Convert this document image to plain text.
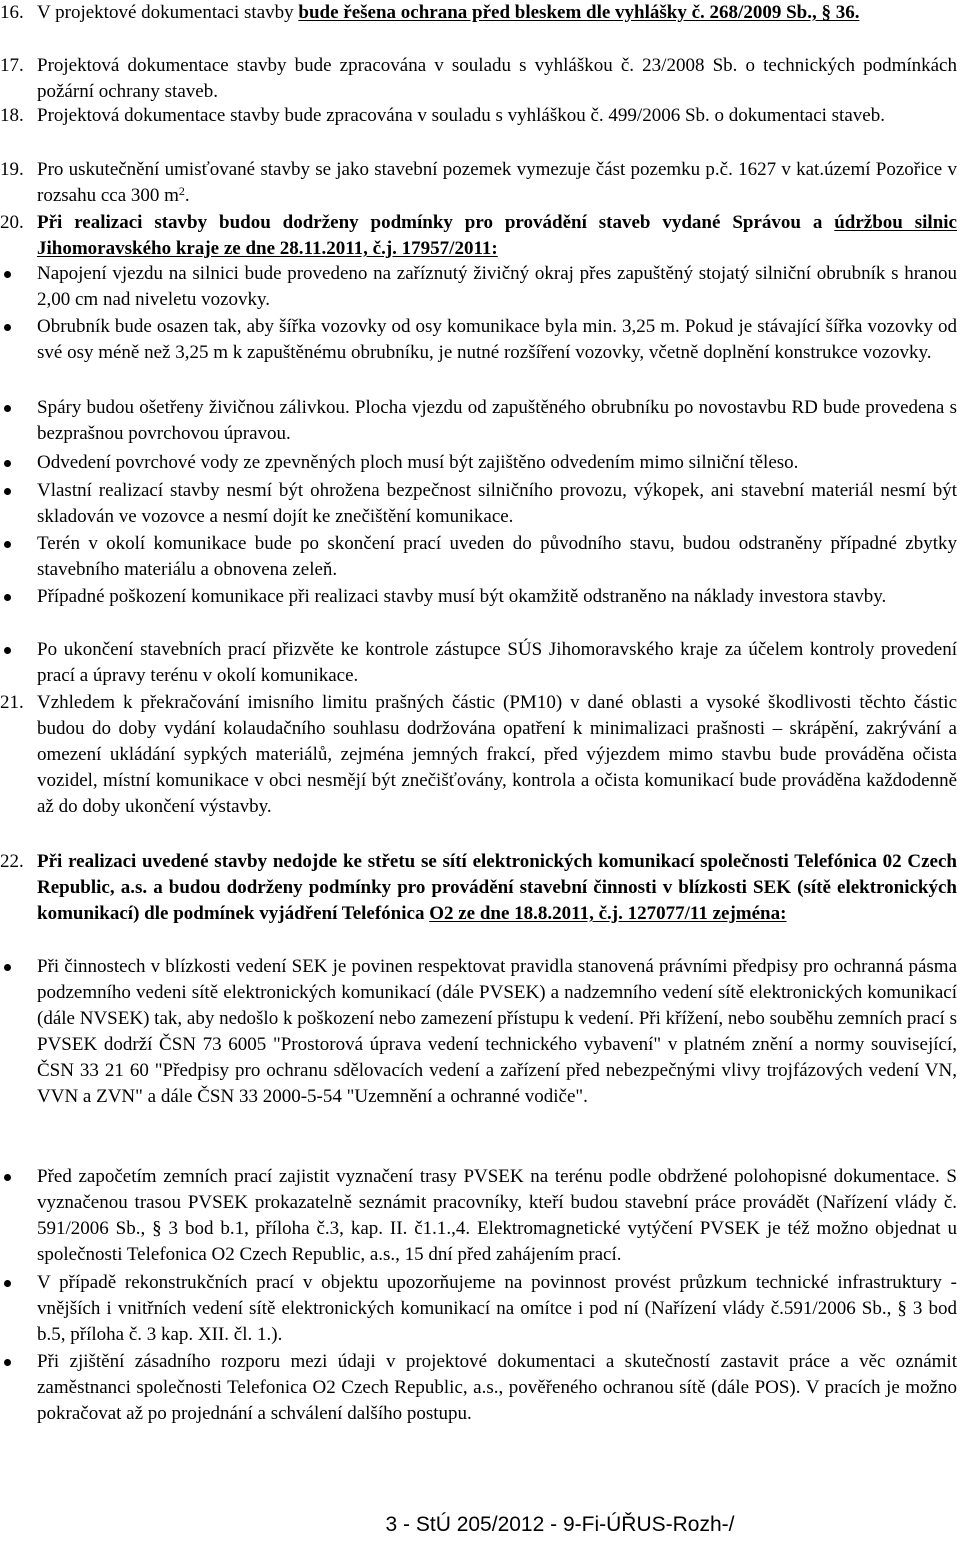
16. V projektové dokumentaci stavby bude řešena ochrana před bleskem dle vyhlášky č. 268/2009 Sb., § 36.
17. Projektová dokumentace stavby bude zpracována v souladu s vyhláškou č. 23/2008 Sb. o technických podmínkách požární ochrany staveb.
18. Projektová dokumentace stavby bude zpracována v souladu s vyhláškou č. 499/2006 Sb. o dokumentaci staveb.
19. Pro uskutečnění umisťované stavby se jako stavební pozemek vymezuje část pozemku p.č. 1627 v kat.území Pozořice v rozsahu cca 300 $m^2$.
20. Při realizaci stavby budou dodrženy podmínky pro provádění staveb vydané Správou a údržbou silnic Jihomoravského kraje ze dne 28.11.2011, č.j. 17957/2011:
Napojení vjezdu na silnici bude provedeno na zaříznutý živičný okraj přes zapuštěný stojatý silniční obrubník s hranou 2,00 cm nad niveletu vozovky.
Obrubník bude osazen tak, aby šířka vozovky od osy komunikace byla min. 3,25 m. Pokud je stávající šířka vozovky od své osy méně než 3,25 m k zapuštěnému obrubníku, je nutné rozšíření vozovky, včetně doplnění konstrukce vozovky.
Spáry budou ošetřeny živičnou zálivkou. Plocha vjezdu od zapuštěného obrubníku po novostavbu RD bude provedena s bezprašnou povrchovou úpravou.
Odvedení povrchové vody ze zpevněných ploch musí být zajištěno odvedením mimo silniční těleso.
Vlastní realizací stavby nesmí být ohrožena bezpečnost silničního provozu, výkopek, ani stavební materiál nesmí být skladován ve vozovce a nesmí dojít ke znečištění komunikace.
Terén v okolí komunikace bude po skončení prací uveden do původního stavu, budou odstraněny případné zbytky stavebního materiálu a obnovena zeleň.
Případné poškození komunikace při realizaci stavby musí být okamžitě odstraněno na náklady investora stavby.
Po ukončení stavebních prací přizvěte ke kontrole zástupce SÚS Jihomoravského kraje za účelem kontroly provedení prací a úpravy terénu v okolí komunikace.
21. Vzhledem k překračování imisního limitu prašných částic (PM10) v dané oblasti a vysoké škodlivosti těchto částic budou do doby vydání kolaudačního souhlasu dodržována opatření k minimalizaci prašnosti – skrápění, zakrývání a omezení ukládání sypkých materiálů, zejména jemných frakcí, před výjezdem mimo stavbu bude prováděna očista vozidel, místní komunikace v obci nesmějí být znečišťovány, kontrola a očista komunikací bude prováděna každodenně až do doby ukončení výstavby.
22. Při realizaci uvedené stavby nedojde ke střetu se sítí elektronických komunikací společnosti Telefónica 02 Czech Republic, a.s. a budou dodrženy podmínky pro provádění stavební činnosti v blízkosti SEK (sítě elektronických komunikací) dle podmínek vyjádření Telefónica O2 ze dne 18.8.2011, č.j. 127077/11 zejména:
Při činnostech v blízkosti vedení SEK je povinen respektovat pravidla stanovená právními předpisy pro ochranná pásma podzemního vedeni sítě elektronických komunikací (dále PVSEK) a nadzemního vedení sítě elektronických komunikací (dále NVSEK) tak, aby nedošlo k poškození nebo zamezení přístupu k vedení. Při křížení, nebo souběhu zemních prací s PVSEK dodrží ČSN 73 6005 "Prostorová úprava vedení technického vybavení" v platném znění a normy související, ČSN 33 21 60 "Předpisy pro ochranu sdělovacích vedení a zařízení před nebezpečnými vlivy trojfázových vedení VN, VVN a ZVN" a dále ČSN 33 2000-5-54 "Uzemnění a ochranné vodiče".
Před započetím zemních prací zajistit vyznačení trasy PVSEK na terénu podle obdržené polohopisné dokumentace. S vyznačenou trasou PVSEK prokazatelně seznámit pracovníky, kteří budou stavební práce provádět (Nařízení vlády č. 591/2006 Sb., § 3 bod b.1, příloha č.3, kap. II. č1.1.,4. Elektromagnetické vytýčení PVSEK je též možno objednat u společnosti Telefonica O2 Czech Republic, a.s., 15 dní před zahájením prací.
V případě rekonstrukčních prací v objektu upozorňujeme na povinnost provést průzkum technické infrastruktury - vnějších i vnitřních vedení sítě elektronických komunikací na omítce i pod ní (Nařízení vlády č.591/2006 Sb., § 3 bod b.5, příloha č. 3 kap. XII. čl. 1.).
Při zjištění zásadního rozporu mezi údaji v projektové dokumentaci a skutečností zastavit práce a věc oznámit zaměstnanci společnosti Telefonica O2 Czech Republic, a.s., pověřeného ochranou sítě (dále POS). V pracích je možno pokračovat až po projednání a schválení dalšího postupu.
3 - StÚ 205/2012 - 9-Fi-ÚŘUS-Rozh-/
